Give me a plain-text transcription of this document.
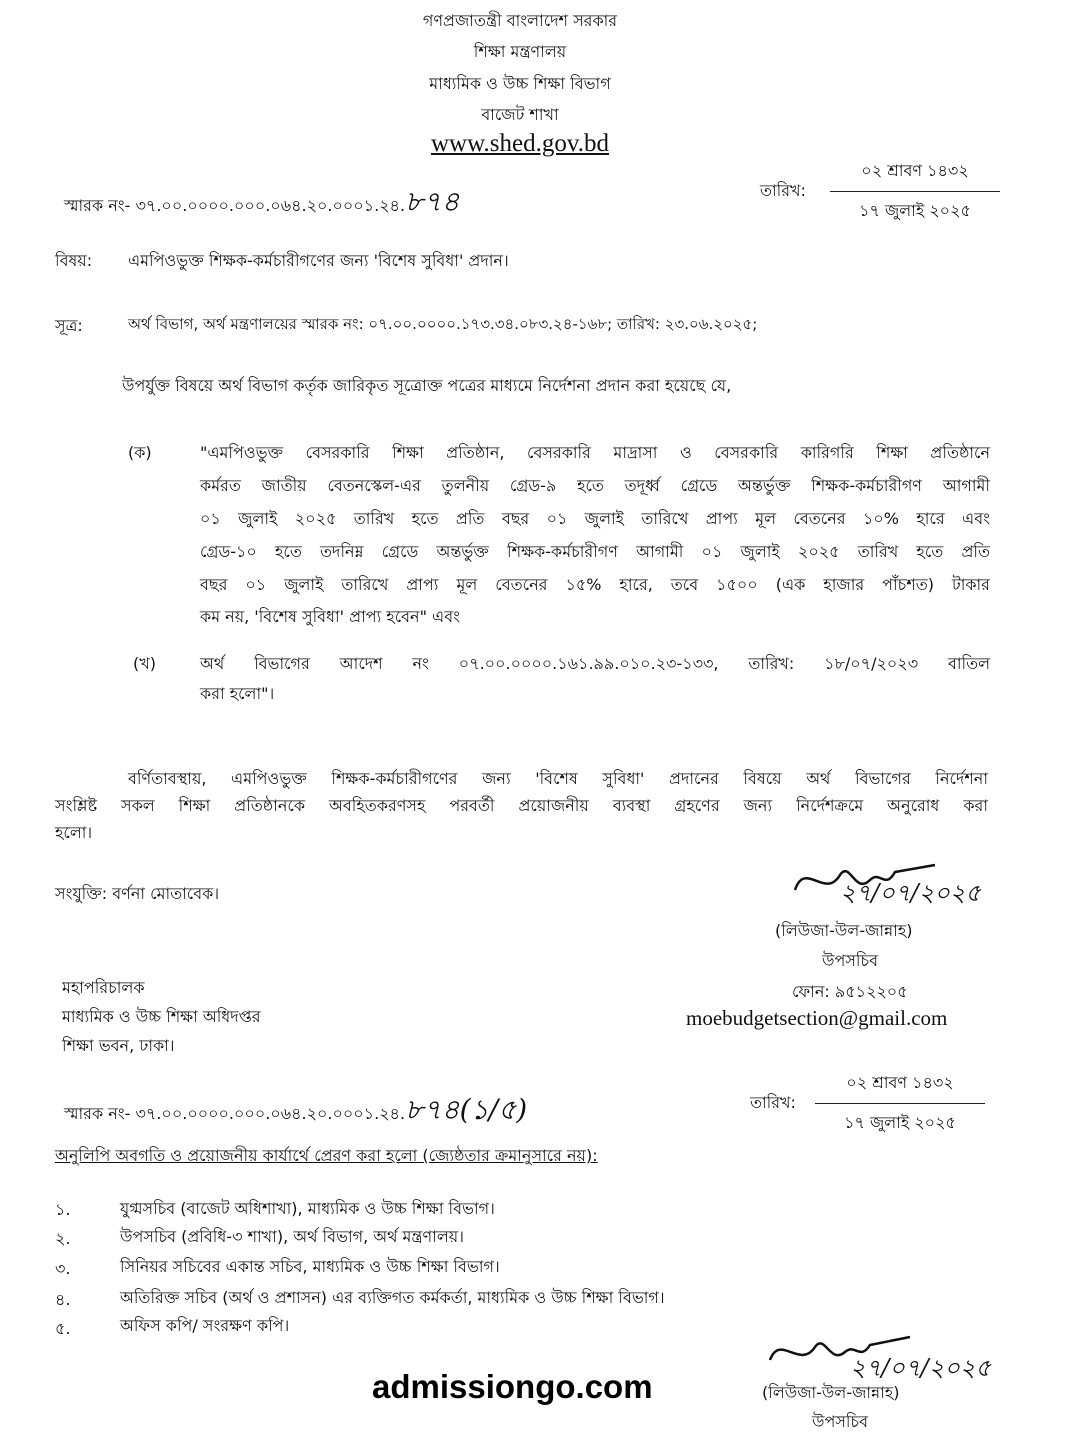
গণপ্রজাতন্ত্রী বাংলাদেশ সরকার
শিক্ষা মন্ত্রণালয়
মাধ্যমিক ও উচ্চ শিক্ষা বিভাগ
বাজেট শাখা
www.shed.gov.bd
স্মারক নং- ৩৭.০০.০০০০.০০০.০৬৪.২০.০০০১.২৪.৮৭৪	তারিখ:
০২ শ্রাবণ ১৪৩২
১৭ জুলাই ২০২৫
বিষয়: এমপিওভুক্ত শিক্ষক-কর্মচারীগণের জন্য 'বিশেষ সুবিধা' প্রদান।
সূত্র:	অর্থ বিভাগ, অর্থ মন্ত্রণালয়ের স্মারক নং: ০৭.০০.০০০০.১৭৩.৩৪.০৮৩.২৪-১৬৮; তারিখ: ২৩.০৬.২০২৫;
উপর্যুক্ত বিষয়ে অর্থ বিভাগ কর্তৃক জারিকৃত সূত্রোক্ত পত্রের মাধ্যমে নির্দেশনা প্রদান করা হয়েছে যে,
(ক)	"এমপিওভুক্ত বেসরকারি শিক্ষা প্রতিষ্ঠান, বেসরকারি মাদ্রাসা ও বেসরকারি কারিগরি শিক্ষা প্রতিষ্ঠানে
কর্মরত জাতীয় বেতনস্কেল-এর তুলনীয় গ্রেড-৯ হতে তদূর্ধ্ব গ্রেডে অন্তর্ভুক্ত শিক্ষক-কর্মচারীগণ আগামী
০১ জুলাই ২০২৫ তারিখ হতে প্রতি বছর ০১ জুলাই তারিখে প্রাপ্য মূল বেতনের ১০% হারে এবং
গ্রেড-১০ হতে তদনিম্ন গ্রেডে অন্তর্ভুক্ত শিক্ষক-কর্মচারীগণ আগামী ০১ জুলাই ২০২৫ তারিখ হতে প্রতি
বছর ০১ জুলাই তারিখে প্রাপ্য মূল বেতনের ১৫% হারে, তবে ১৫০০ (এক হাজার পাঁচশত) টাকার
কম নয়, 'বিশেষ সুবিধা' প্রাপ্য হবেন" এবং
(খ)	অর্থ বিভাগের আদেশ নং ০৭.০০.০০০০.১৬১.৯৯.০১০.২৩-১৩৩, তারিখ: ১৮/০৭/২০২৩ বাতিল
করা হলো"।
বর্ণিতাবস্থায়, এমপিওভুক্ত শিক্ষক-কর্মচারীগণের জন্য 'বিশেষ সুবিধা' প্রদানের বিষয়ে অর্থ বিভাগের নির্দেশনা
সংশ্লিষ্ট সকল শিক্ষা প্রতিষ্ঠানকে অবহিতকরণসহ পরবর্তী প্রয়োজনীয় ব্যবস্থা গ্রহণের জন্য নির্দেশক্রমে অনুরোধ করা
হলো।
সংযুক্তি: বর্ণনা মোতাবেক।	২৭/০৭/২০২৫
(লিউজা-উল-জান্নাহ)
উপসচিব
ফোন: ৯৫১২২০৫
moebudgetsection@gmail.com
মহাপরিচালক
মাধ্যমিক ও উচ্চ শিক্ষা অধিদপ্তর
শিক্ষা ভবন, ঢাকা।
স্মারক নং- ৩৭.০০.০০০০.০০০.০৬৪.২০.০০০১.২৪.৮৭৪(১/৫)	তারিখ:
০২ শ্রাবণ ১৪৩২
১৭ জুলাই ২০২৫
অনুলিপি অবগতি ও প্রয়োজনীয় কার্যার্থে প্রেরণ করা হলো (জ্যেষ্ঠতার ক্রমানুসারে নয়):
১.	যুগ্মসচিব (বাজেট অধিশাখা), মাধ্যমিক ও উচ্চ শিক্ষা বিভাগ।
২.	উপসচিব (প্রবিধি-৩ শাখা), অর্থ বিভাগ, অর্থ মন্ত্রণালয়।
৩.	সিনিয়র সচিবের একান্ত সচিব, মাধ্যমিক ও উচ্চ শিক্ষা বিভাগ।
৪.	অতিরিক্ত সচিব (অর্থ ও প্রশাসন) এর ব্যক্তিগত কর্মকর্তা, মাধ্যমিক ও উচ্চ শিক্ষা বিভাগ।
৫.	অফিস কপি/ সংরক্ষণ কপি।
২৭/০৭/২০২৫
(লিউজা-উল-জান্নাহ)
উপসচিব
admissiongo.com
